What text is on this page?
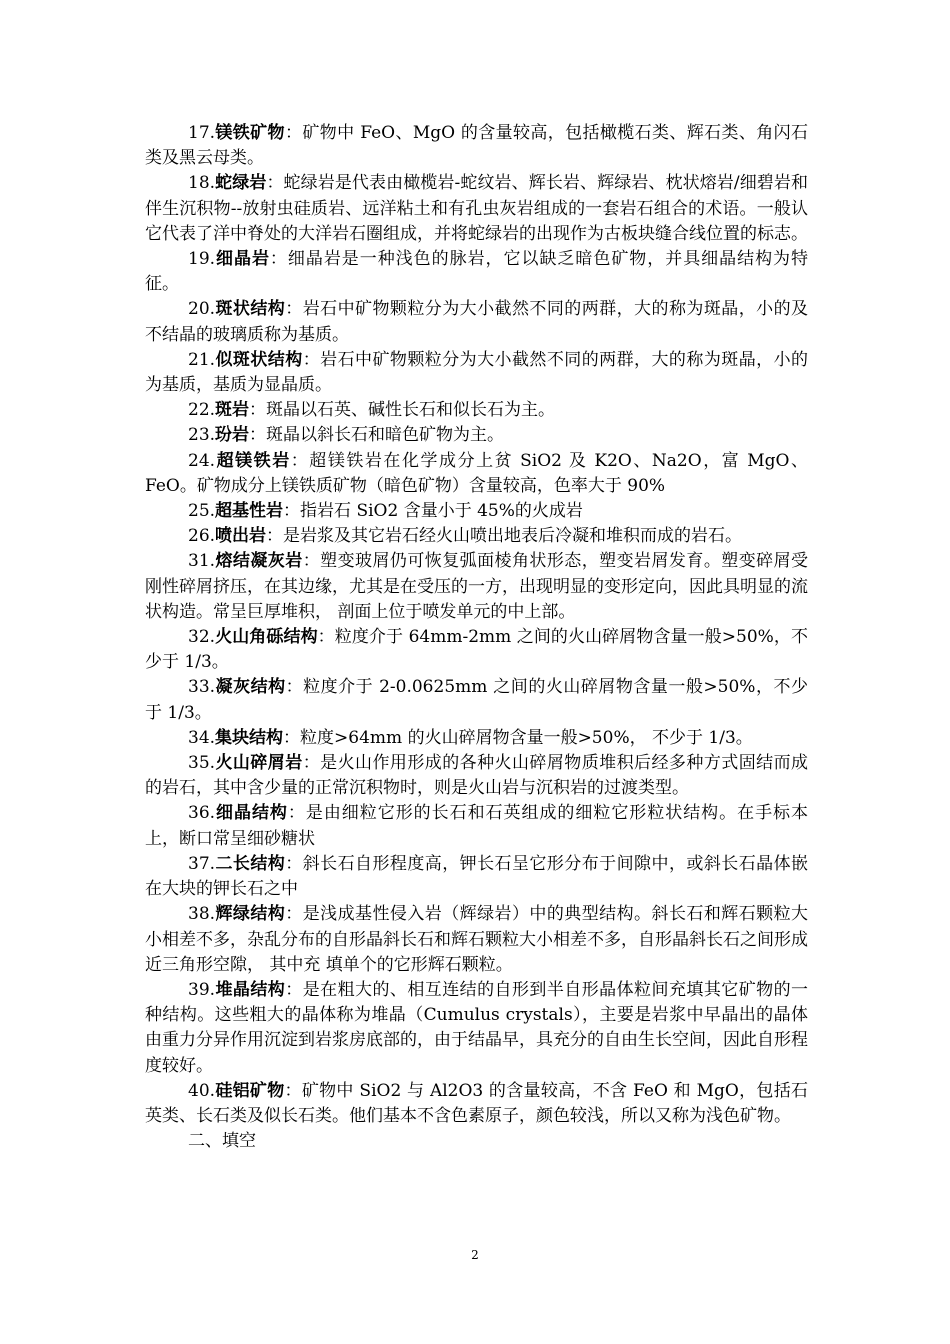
17.镁铁矿物：矿物中 FeO、MgO 的含量较高，包括橄榄石类、辉石类、角闪石类及黑云母类。

18.蛇绿岩：蛇绿岩是代表由橄榄岩-蛇纹岩、辉长岩、辉绿岩、枕状熔岩/细碧岩和伴生沉积物--放射虫硅质岩、远洋粘土和有孔虫灰岩组成的一套岩石组合的术语。一般认它代表了洋中脊处的大洋岩石圈组成，并将蛇绿岩的出现作为古板块缝合线位置的标志。

19.细晶岩：细晶岩是一种浅色的脉岩，它以缺乏暗色矿物，并具细晶结构为特征。

20.斑状结构：岩石中矿物颗粒分为大小截然不同的两群，大的称为斑晶，小的及不结晶的玻璃质称为基质。

21.似斑状结构：岩石中矿物颗粒分为大小截然不同的两群，大的称为斑晶，小的为基质，基质为显晶质。

22.斑岩：斑晶以石英、碱性长石和似长石为主。

23.玢岩：斑晶以斜长石和暗色矿物为主。

24.超镁铁岩：超镁铁岩在化学成分上贫 SiO2 及 K2O、Na2O，富 MgO、FeO。矿物成分上镁铁质矿物（暗色矿物）含量较高，色率大于 90%

25.超基性岩：指岩石 SiO2 含量小于 45%的火成岩

26.喷出岩：是岩浆及其它岩石经火山喷出地表后冷凝和堆积而成的岩石。

31.熔结凝灰岩：塑变玻屑仍可恢复弧面棱角状形态，塑变岩屑发育。塑变碎屑受刚性碎屑挤压，在其边缘，尤其是在受压的一方，出现明显的变形定向，因此具明显的流状构造。常呈巨厚堆积， 剖面上位于喷发单元的中上部。

32.火山角砾结构：粒度介于 64mm-2mm 之间的火山碎屑物含量一般>50%，不少于 1/3。

33.凝灰结构：粒度介于 2-0.0625mm 之间的火山碎屑物含量一般>50%，不少于 1/3。

34.集块结构：粒度>64mm 的火山碎屑物含量一般>50%， 不少于 1/3。

35.火山碎屑岩：是火山作用形成的各种火山碎屑物质堆积后经多种方式固结而成的岩石，其中含少量的正常沉积物时，则是火山岩与沉积岩的过渡类型。

36.细晶结构：是由细粒它形的长石和石英组成的细粒它形粒状结构。在手标本上，断口常呈细砂糖状

37.二长结构：斜长石自形程度高，钾长石呈它形分布于间隙中，或斜长石晶体嵌在大块的钾长石之中

38.辉绿结构：是浅成基性侵入岩（辉绿岩）中的典型结构。斜长石和辉石颗粒大小相差不多，杂乱分布的自形晶斜长石和辉石颗粒大小相差不多，自形晶斜长石之间形成近三角形空隙， 其中充 填单个的它形辉石颗粒。

39.堆晶结构：是在粗大的、相互连结的自形到半自形晶体粒间充填其它矿物的一种结构。这些粗大的晶体称为堆晶（Cumulus crystals），主要是岩浆中早晶出的晶体由重力分异作用沉淀到岩浆房底部的，由于结晶早，具充分的自由生长空间，因此自形程度较好。

40.硅铝矿物：矿物中 SiO2 与 Al2O3 的含量较高，不含 FeO 和 MgO，包括石英类、长石类及似长石类。他们基本不含色素原子，颜色较浅，所以又称为浅色矿物。

二、填空

2
